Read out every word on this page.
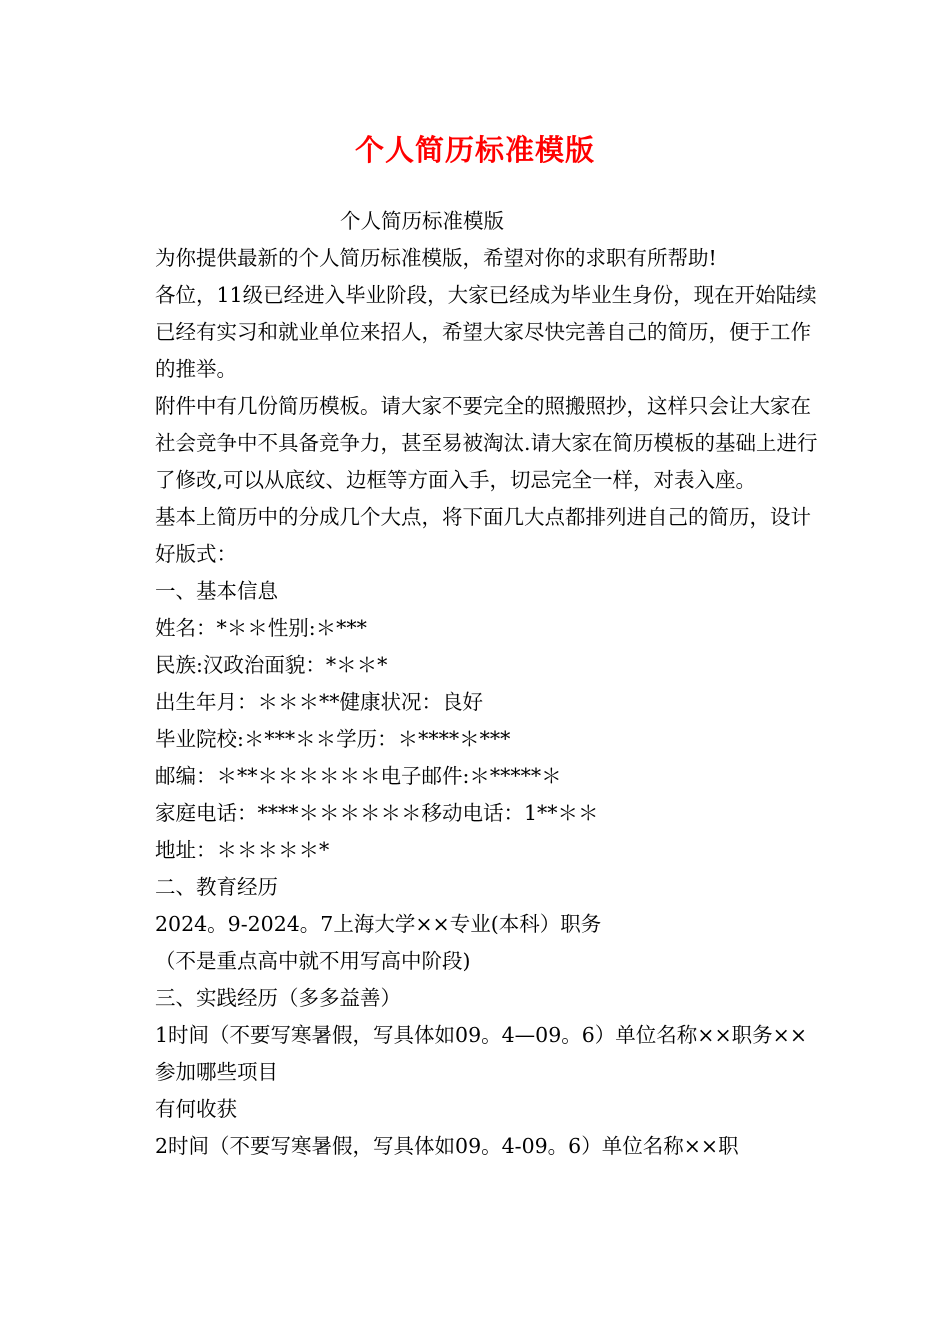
个人简历标准模版

个人简历标准模版

为你提供最新的个人简历标准模版，希望对你的求职有所帮助!

各位，11级已经进入毕业阶段，大家已经成为毕业生身份，现在开始陆续已经有实习和就业单位来招人，希望大家尽快完善自己的简历，便于工作的推举。

附件中有几份简历模板。请大家不要完全的照搬照抄，这样只会让大家在社会竞争中不具备竞争力，甚至易被淘汰.请大家在简历模板的基础上进行了修改,可以从底纹、边框等方面入手，切忌完全一样，对表入座。

基本上简历中的分成几个大点，将下面几大点都排列进自己的简历，设计好版式：

一、基本信息

姓名：*＊＊性别:＊***

民族:汉政治面貌：*＊＊*

出生年月：＊＊＊**健康状况：良好

毕业院校:＊***＊＊学历：＊****＊***

邮编：＊**＊＊＊＊＊＊电子邮件:＊*****＊

家庭电话：****＊＊＊＊＊＊移动电话：1**＊＊

地址：＊＊＊＊＊*

二、教育经历

2024。9-2024。7上海大学××专业(本科）职务

（不是重点高中就不用写高中阶段)

三、实践经历（多多益善）

1时间（不要写寒暑假，写具体如09。4—09。6）单位名称××职务××

参加哪些项目

有何收获

2时间（不要写寒暑假，写具体如09。4-09。6）单位名称××职
